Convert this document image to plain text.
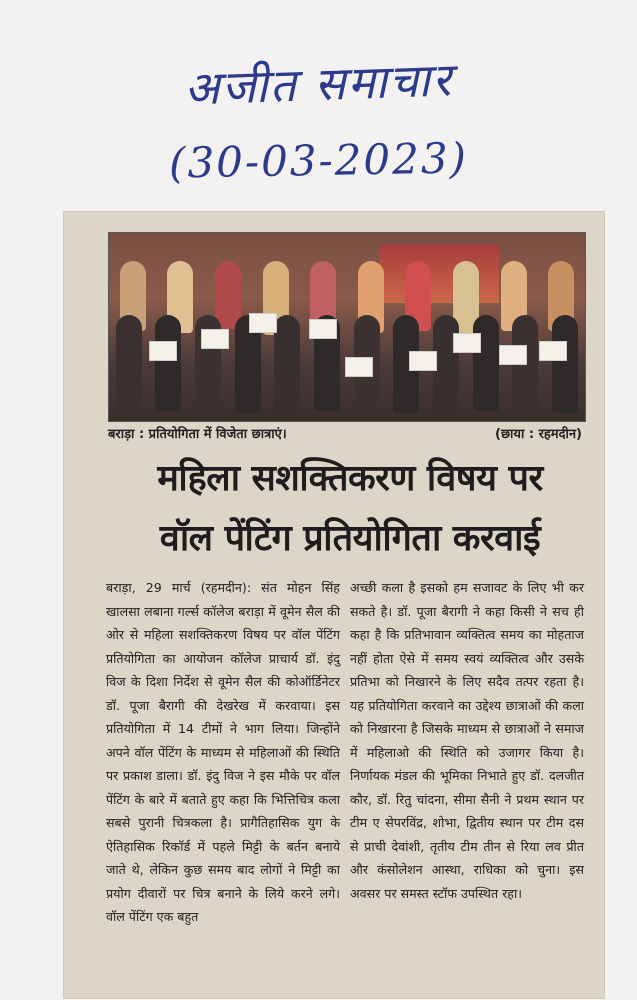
अजीत समाचार
(30-03-2023)
बराड़ा : प्रतियोगिता में विजेता छात्राएं।	(छाया : रहमदीन)
महिला सशक्तिकरण विषय पर
वॉल पेंटिंग प्रतियोगिता करवाई

बराड़ा, 29 मार्च (रहमदीन): संत मोहन सिंह खालसा लबाना गर्ल्स कॉलेज बराड़ा में वूमेन सैल की ओर से महिला सशक्तिकरण विषय पर वॉल पेंटिंग प्रतियोगिता का आयोजन कॉलेज प्राचार्य डॉ. इंदु विज के दिशा निर्देश से वूमेन सैल की कोऑर्डिनेटर डॉ. पूजा बैरागी की देखरेख में करवाया। इस प्रतियोगिता में 14 टीमों ने भाग लिया। जिन्होंने अपने वॉल पेंटिंग के माध्यम से महिलाओं की स्थिति पर प्रकाश डाला। डॉ. इंदु विज ने इस मौके पर वॉल पेंटिंग के बारे में बताते हुए कहा कि भित्तिचित्र कला सबसे पुरानी चित्रकला है। प्रागैतिहासिक युग के ऐतिहासिक रिकॉर्ड में पहले मिट्टी के बर्तन बनाये जाते थे, लेकिन कुछ समय बाद लोगों ने मिट्टी का प्रयोग दीवारों पर चित्र बनाने के लिये करने लगे। वॉल पेंटिंग एक बहुत

अच्छी कला है इसको हम सजावट के लिए भी कर सकते है। डॉ. पूजा बैरागी ने कहा किसी ने सच ही कहा है कि प्रतिभावान व्यक्तित्व समय का मोहताज नहीं होता ऐसे में समय स्वयं व्यक्तित्व और उसके प्रतिभा को निखारने के लिए सदैव तत्पर रहता है। यह प्रतियोगिता करवाने का उद्देश्य छात्राओं की कला को निखारना है जिसके माध्यम से छात्राओं ने समाज में महिलाओ की स्थिति को उजागर किया है। निर्णायक मंडल की भूमिका निभाते हुए डॉ. दलजीत कौर, डॉ. रितु चांदना, सीमा सैनी ने प्रथम स्थान पर टीम ए सेपरविंद्र, शोभा, द्वितीय स्थान पर टीम दस से प्राची देवांशी, तृतीय टीम तीन से रिया लव प्रीत और कंसोलेशन आस्था, राधिका को चुना। इस अवसर पर समस्त स्टॉफ उपस्थित रहा।
